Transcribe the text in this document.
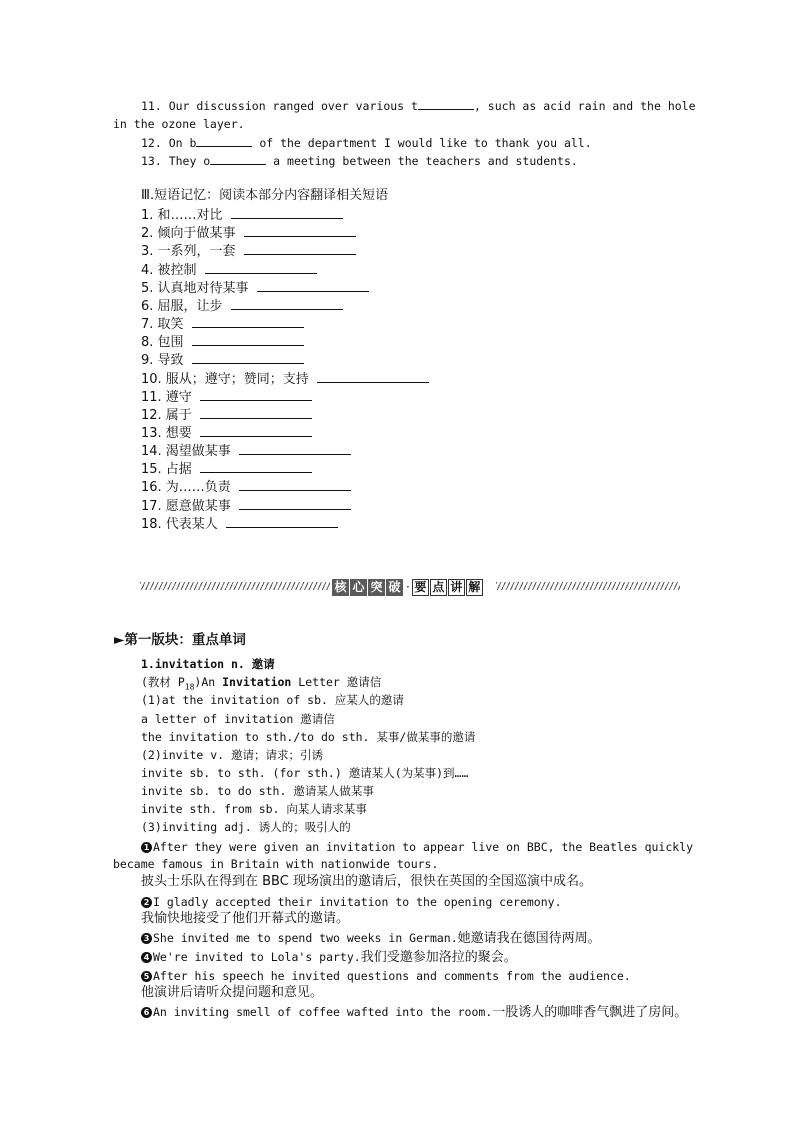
11. Our discussion ranged over various t	, such as acid rain and the hole
in the ozone layer.
12. On b	of the department I would like to thank you all.
13. They o	a meeting between the teachers and students.
Ⅲ.短语记忆：阅读本部分内容翻译相关短语
1. 和……对比
2. 倾向于做某事
3. 一系列，一套
4. 被控制
5. 认真地对待某事
6. 屈服，让步
7. 取笑
8. 包围
9. 导致
10. 服从；遵守；赞同；支持
11. 遵守
12. 属于
13. 想要
14. 渴望做某事
15. 占据
16. 为……负责
17. 愿意做某事
18. 代表某人
核 心 突 破 · 要 点 讲 解
►第一版块：重点单词
1.invitation n. 邀请
(教材 $P_{18})An$ Invitation Letter 邀请信
(1)at the invitation of sb. 应某人的邀请
a letter of invitation 邀请信
the invitation to sth./to do sth. 某事/做某事的邀请
(2)invite v. 邀请；请求；引诱
invite sb. to sth. (for sth.) 邀请某人(为某事)到……
invite sb. to do sth. 邀请某人做某事
invite sth. from sb. 向某人请求某事
(3)inviting adj. 诱人的；吸引人的
1 After they were given an invitation to appear live on BBC, the Beatles quickly
became famous in Britain with nationwide tours.
披头士乐队在得到在 BBC 现场演出的邀请后，很快在英国的全国巡演中成名。
2 I gladly accepted their invitation to the opening ceremony.
我愉快地接受了他们开幕式的邀请。
3 She invited me to spend two weeks in German.她邀请我在德国待两周。
4 We're invited to Lola's party.我们受邀参加洛拉的聚会。
5 After his speech he invited questions and comments from the audience.
他演讲后请听众提问题和意见。
6 An inviting smell of coffee wafted into the room.一股诱人的咖啡香气飘进了房间。
